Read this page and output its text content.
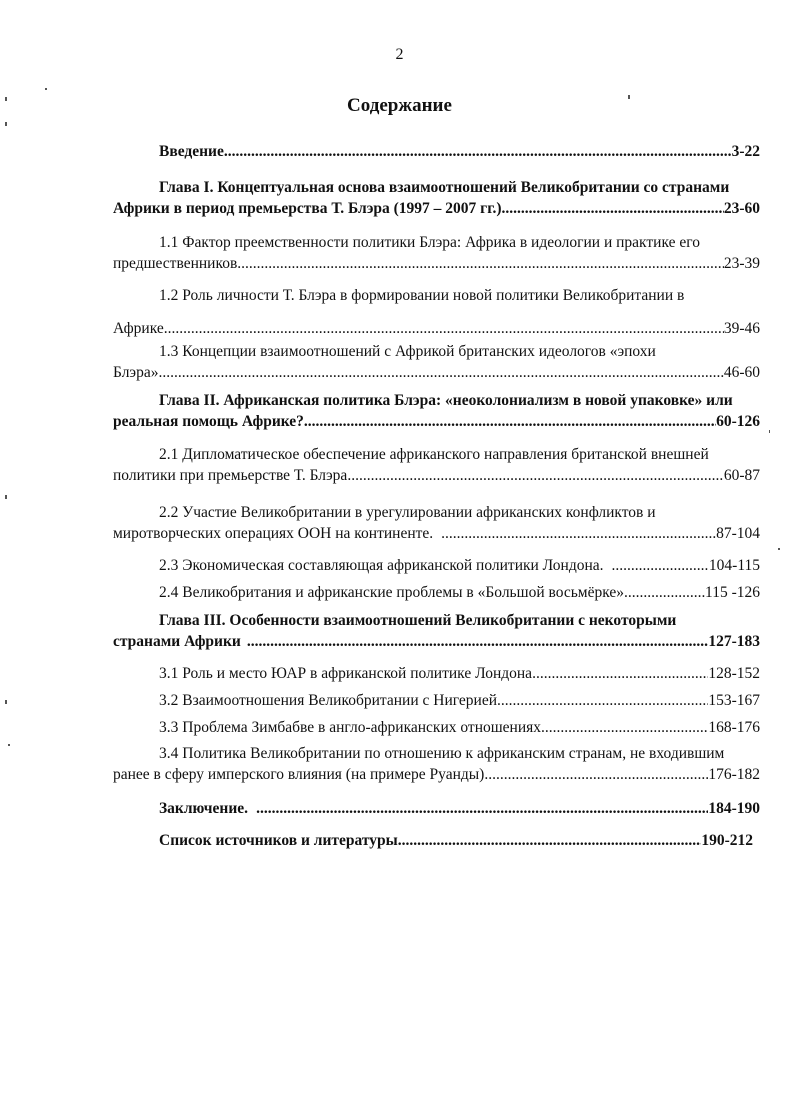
2
Содержание
Введение .....	3-22
Глава I. Концептуальная основа взаимоотношений Великобритании со странами
Африки в период премьерства Т. Блэра (1997 – 2007 гг.) .....	23-60
1.1 Фактор преемственности политики Блэра: Африка в идеологии и практике его
предшественников .....	23-39
1.2 Роль личности Т. Блэра в формировании новой политики Великобритании в
Африке .....	39-46
1.3 Концепции взаимоотношений с Африкой британских идеологов «эпохи
Блэра» .....	46-60
Глава II. Африканская политика Блэра: «неоколониализм в новой упаковке» или
реальная помощь Африке? .....	60-126
2.1 Дипломатическое обеспечение африканского направления британской внешней
политики при премьерстве Т. Блэра .....	60-87
2.2 Участие Великобритании в урегулировании африканских конфликтов и
миротворческих операциях ООН на континенте. .....	87-104
2.3 Экономическая составляющая африканской политики Лондона. .....	104-115
2.4 Великобритания и африканские проблемы в «Большой восьмёрке» .....	115 -126
Глава III. Особенности взаимоотношений Великобритании с некоторыми
странами Африки .....	127-183
3.1 Роль и место ЮАР в африканской политике Лондона .....	128-152
3.2 Взаимоотношения Великобритании с Нигерией .....	153-167
3.3 Проблема Зимбабве в англо-африканских отношениях .....	168-176
3.4 Политика Великобритании по отношению к африканским странам, не входившим
ранее в сферу имперского влияния (на примере Руанды) .....	176-182
Заключение. .....	184-190
Список источников и литературы .....	190-212
